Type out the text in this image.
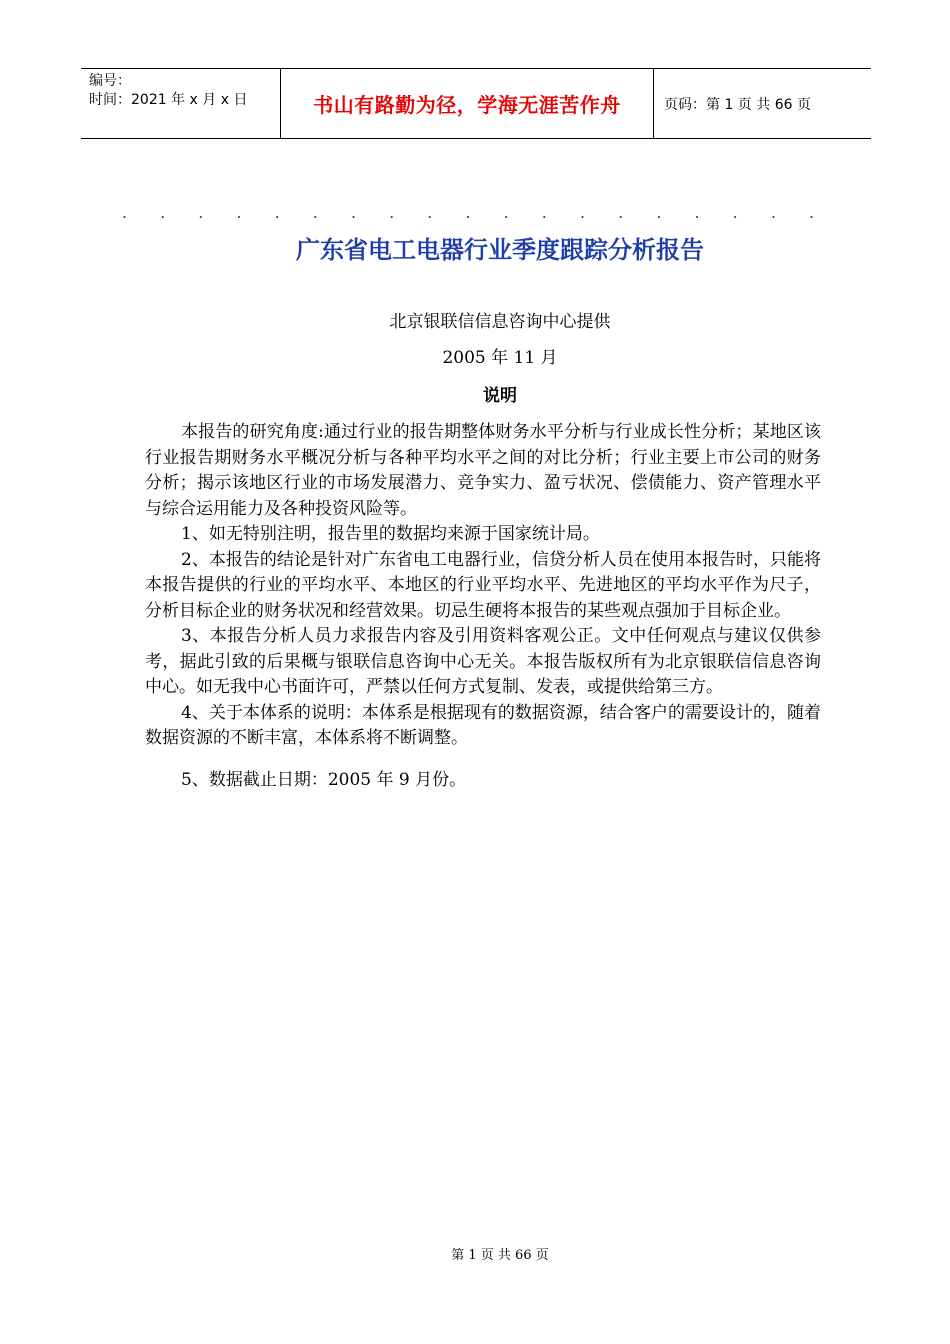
编号：
时间：2021 年 x 月 x 日	书山有路勤为径，学海无涯苦作舟	页码：第 1 页 共 66 页
. . . . . . . . . . . . . . . . . . .
广东省电工电器行业季度跟踪分析报告
北京银联信信息咨询中心提供
2005 年 11 月
说明

本报告的研究角度:通过行业的报告期整体财务水平分析与行业成长性分析；某地区该行业报告期财务水平概况分析与各种平均水平之间的对比分析；行业主要上市公司的财务分析；揭示该地区行业的市场发展潜力、竞争实力、盈亏状况、偿债能力、资产管理水平与综合运用能力及各种投资风险等。

1、如无特别注明，报告里的数据均来源于国家统计局。

2、本报告的结论是针对广东省电工电器行业，信贷分析人员在使用本报告时，只能将本报告提供的行业的平均水平、本地区的行业平均水平、先进地区的平均水平作为尺子，分析目标企业的财务状况和经营效果。切忌生硬将本报告的某些观点强加于目标企业。

3、本报告分析人员力求报告内容及引用资料客观公正。文中任何观点与建议仅供参考，据此引致的后果概与银联信息咨询中心无关。本报告版权所有为北京银联信信息咨询中心。如无我中心书面许可，严禁以任何方式复制、发表，或提供给第三方。

4、关于本体系的说明：本体系是根据现有的数据资源，结合客户的需要设计的，随着数据资源的不断丰富，本体系将不断调整。

5、数据截止日期：2005 年 9 月份。

第 1 页 共 66 页
